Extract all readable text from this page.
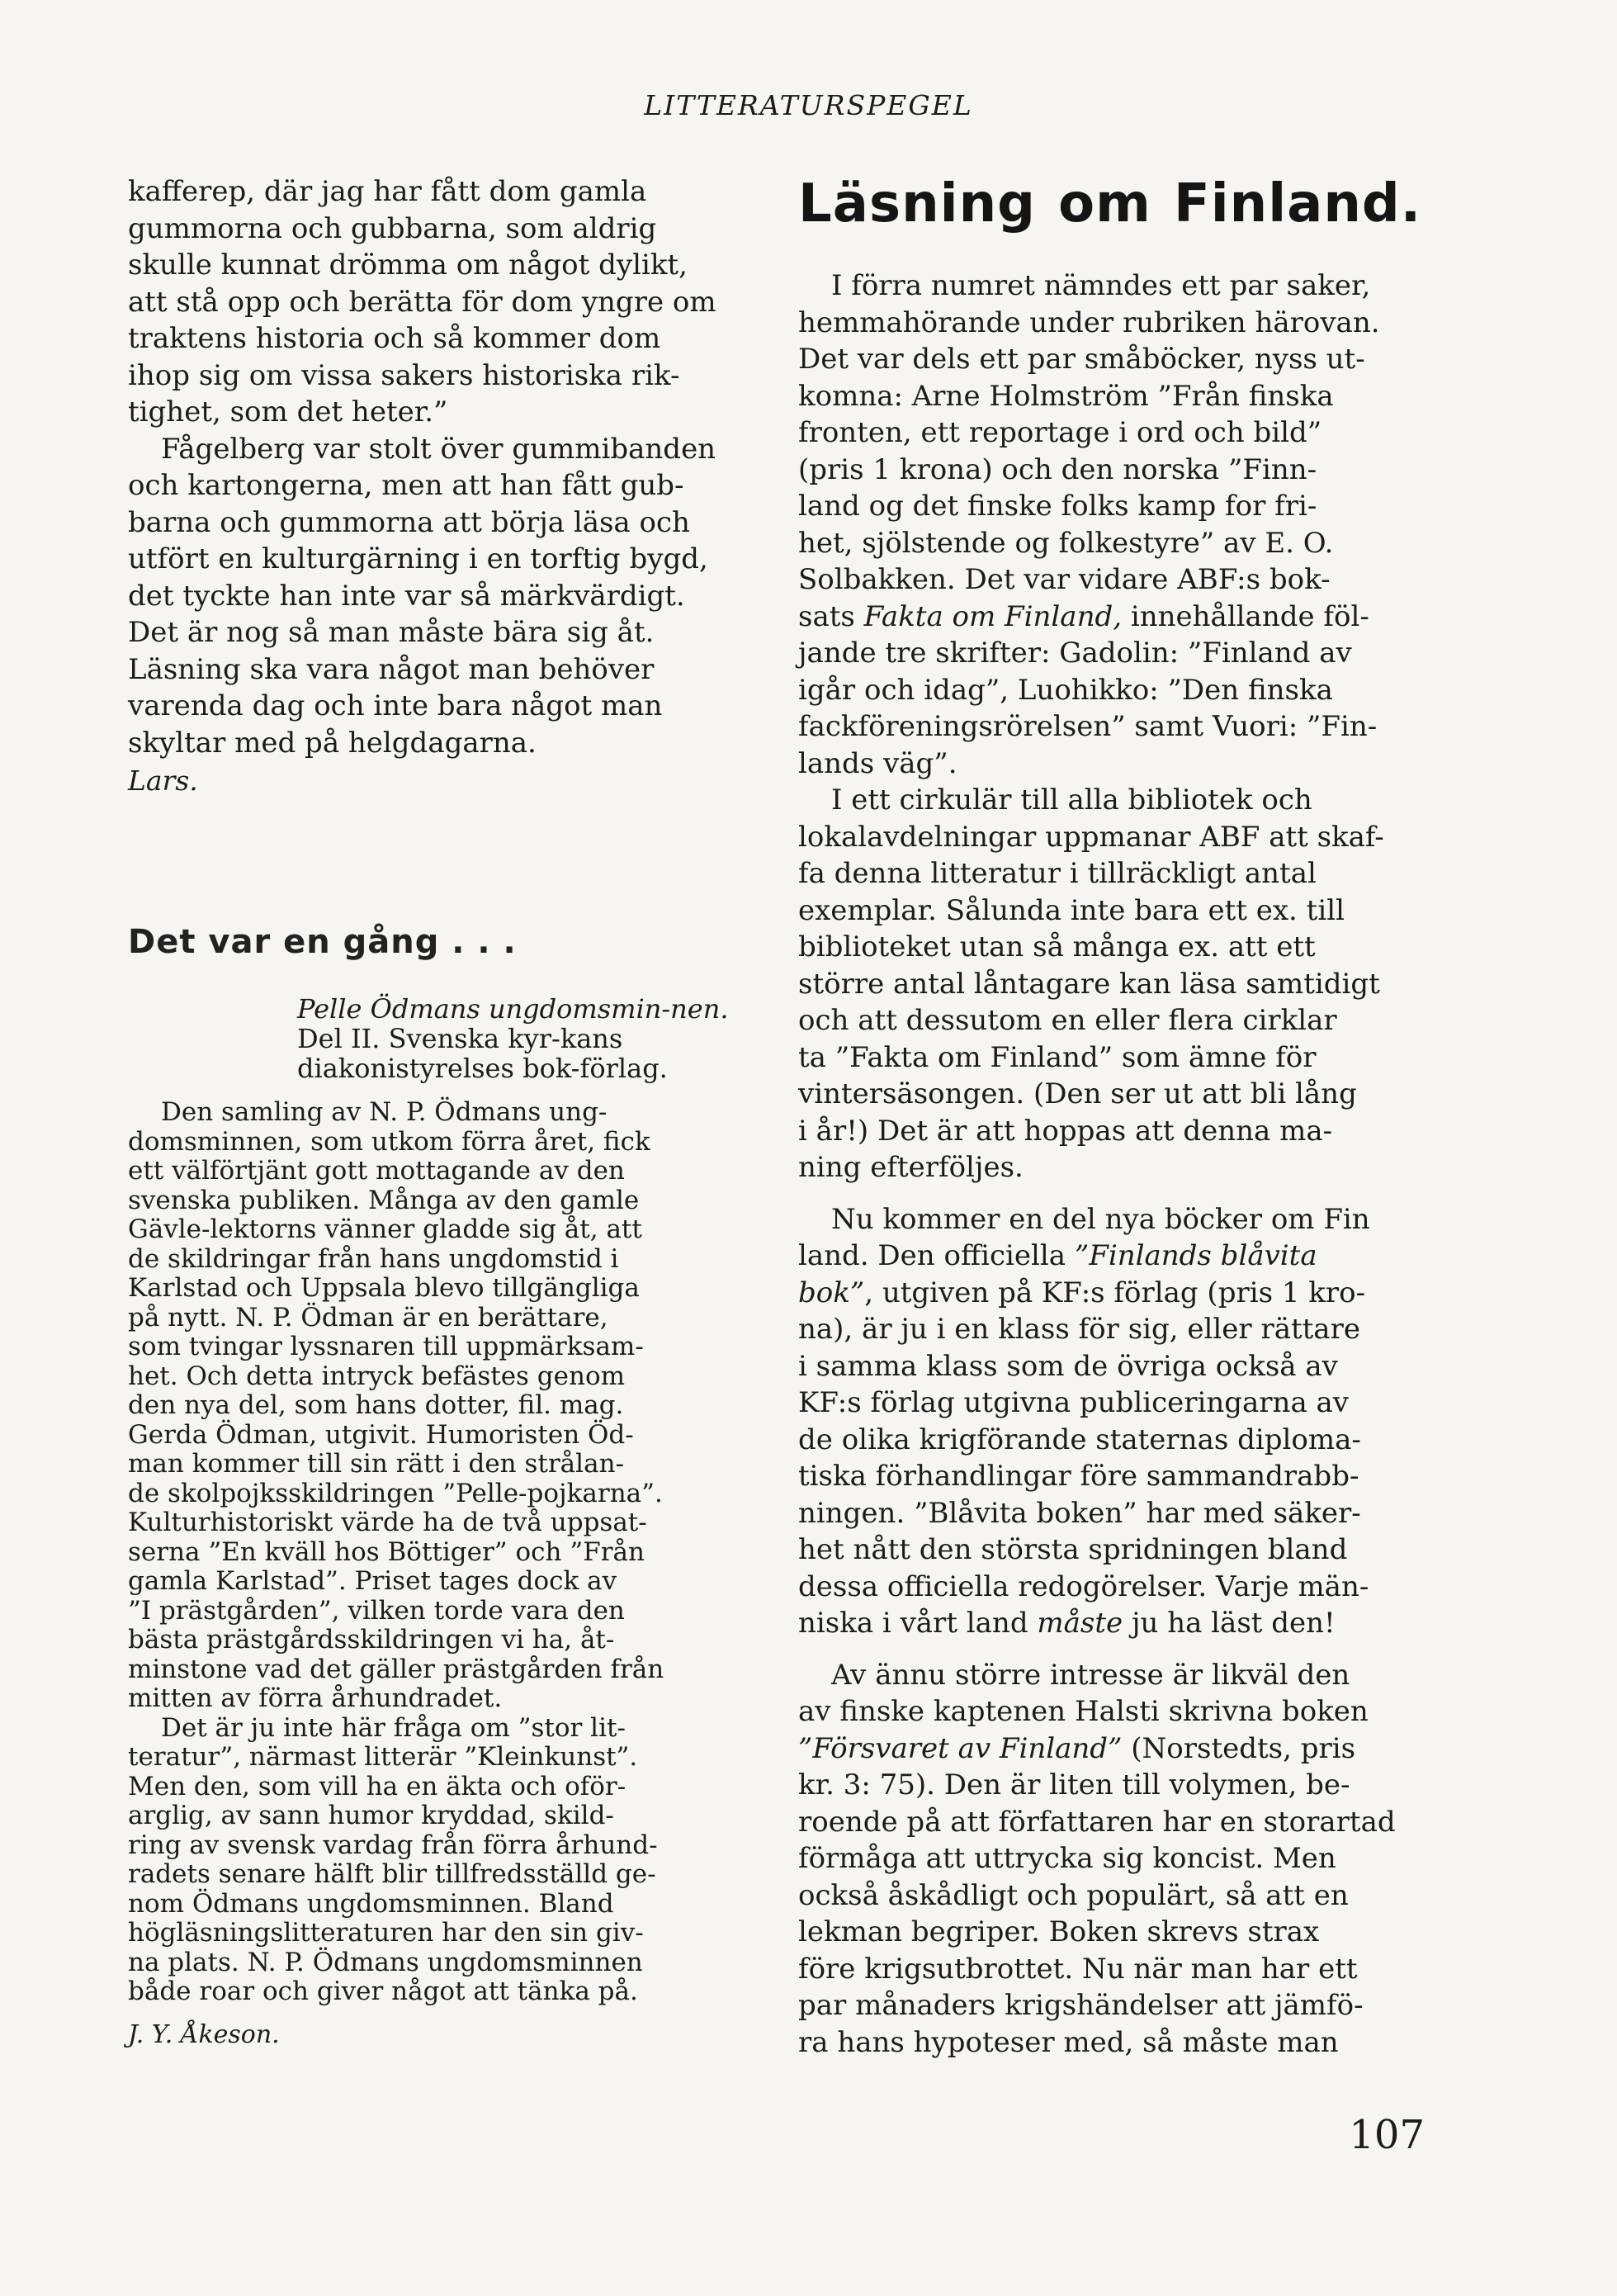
LITTERATURSPEGEL
kafferep, där jag har fått dom gamla
gummorna och gubbarna, som aldrig
skulle kunnat drömma om något dylikt,
att stå opp och berätta för dom yngre om
traktens historia och så kommer dom
ihop sig om vissa sakers historiska rik-
tighet, som det heter.”
Fågelberg var stolt över gummibanden
och kartongerna, men att han fått gub-
barna och gummorna att börja läsa och
utfört en kulturgärning i en torftig bygd,
det tyckte han inte var så märkvärdigt.
Det är nog så man måste bära sig åt.
Läsning ska vara något man behöver
varenda dag och inte bara något man
skyltar med på helgdagarna.
Lars.
Det var en gång . . .
Pelle Ödmans ungdomsmin-nen.
Del II. Svenska kyr-kans diakonistyrelses bok-förlag.
Den samling av N. P. Ödmans ung-
domsminnen, som utkom förra året, fick
ett välförtjänt gott mottagande av den
svenska publiken. Många av den gamle
Gävle-lektorns vänner gladde sig åt, att
de skildringar från hans ungdomstid i
Karlstad och Uppsala blevo tillgängliga
på nytt. N. P. Ödman är en berättare,
som tvingar lyssnaren till uppmärksam-
het. Och detta intryck befästes genom
den nya del, som hans dotter, fil. mag.
Gerda Ödman, utgivit. Humoristen Öd-
man kommer till sin rätt i den strålan-
de skolpojksskildringen ”Pelle-pojkarna”.
Kulturhistoriskt värde ha de två uppsat-
serna ”En kväll hos Böttiger” och ”Från
gamla Karlstad”. Priset tages dock av
”I prästgården”, vilken torde vara den
bästa prästgårdsskildringen vi ha, åt-
minstone vad det gäller prästgården från
mitten av förra århundradet.
Det är ju inte här fråga om ”stor lit-
teratur”, närmast litterär ”Kleinkunst”.
Men den, som vill ha en äkta och oför-
arglig, av sann humor kryddad, skild-
ring av svensk vardag från förra århund-
radets senare hälft blir tillfredsställd ge-
nom Ödmans ungdomsminnen. Bland
högläsningslitteraturen har den sin giv-
na plats. N. P. Ödmans ungdomsminnen
både roar och giver något att tänka på.
J. Y. Åkeson.
Läsning om Finland.
I förra numret nämndes ett par saker,
hemmahörande under rubriken härovan.
Det var dels ett par småböcker, nyss ut-
komna: Arne Holmström ”Från finska
fronten, ett reportage i ord och bild”
(pris 1 krona) och den norska ”Finn-
land og det finske folks kamp for fri-
het, sjölstende og folkestyre” av E. O.
Solbakken. Det var vidare ABF:s bok-
sats Fakta om Finland, innehållande föl-
jande tre skrifter: Gadolin: ”Finland av
igår och idag”, Luohikko: ”Den finska
fackföreningsrörelsen” samt Vuori: ”Fin-
lands väg”.
I ett cirkulär till alla bibliotek och
lokalavdelningar uppmanar ABF att skaf-
fa denna litteratur i tillräckligt antal
exemplar. Sålunda inte bara ett ex. till
biblioteket utan så många ex. att ett
större antal låntagare kan läsa samtidigt
och att dessutom en eller flera cirklar
ta ”Fakta om Finland” som ämne för
vintersäsongen. (Den ser ut att bli lång
i år!) Det är att hoppas att denna ma-
ning efterföljes.
Nu kommer en del nya böcker om Fin
land. Den officiella ”Finlands blåvita
bok”, utgiven på KF:s förlag (pris 1 kro-
na), är ju i en klass för sig, eller rättare
i samma klass som de övriga också av
KF:s förlag utgivna publiceringarna av
de olika krigförande staternas diploma-
tiska förhandlingar före sammandrabb-
ningen. ”Blåvita boken” har med säker-
het nått den största spridningen bland
dessa officiella redogörelser. Varje män-
niska i vårt land måste ju ha läst den!
Av ännu större intresse är likväl den
av finske kaptenen Halsti skrivna boken
”Försvaret av Finland” (Norstedts, pris
kr. 3: 75). Den är liten till volymen, be-
roende på att författaren har en storartad
förmåga att uttrycka sig koncist. Men
också åskådligt och populärt, så att en
lekman begriper. Boken skrevs strax
före krigsutbrottet. Nu när man har ett
par månaders krigshändelser att jämfö-
ra hans hypoteser med, så måste man
107
